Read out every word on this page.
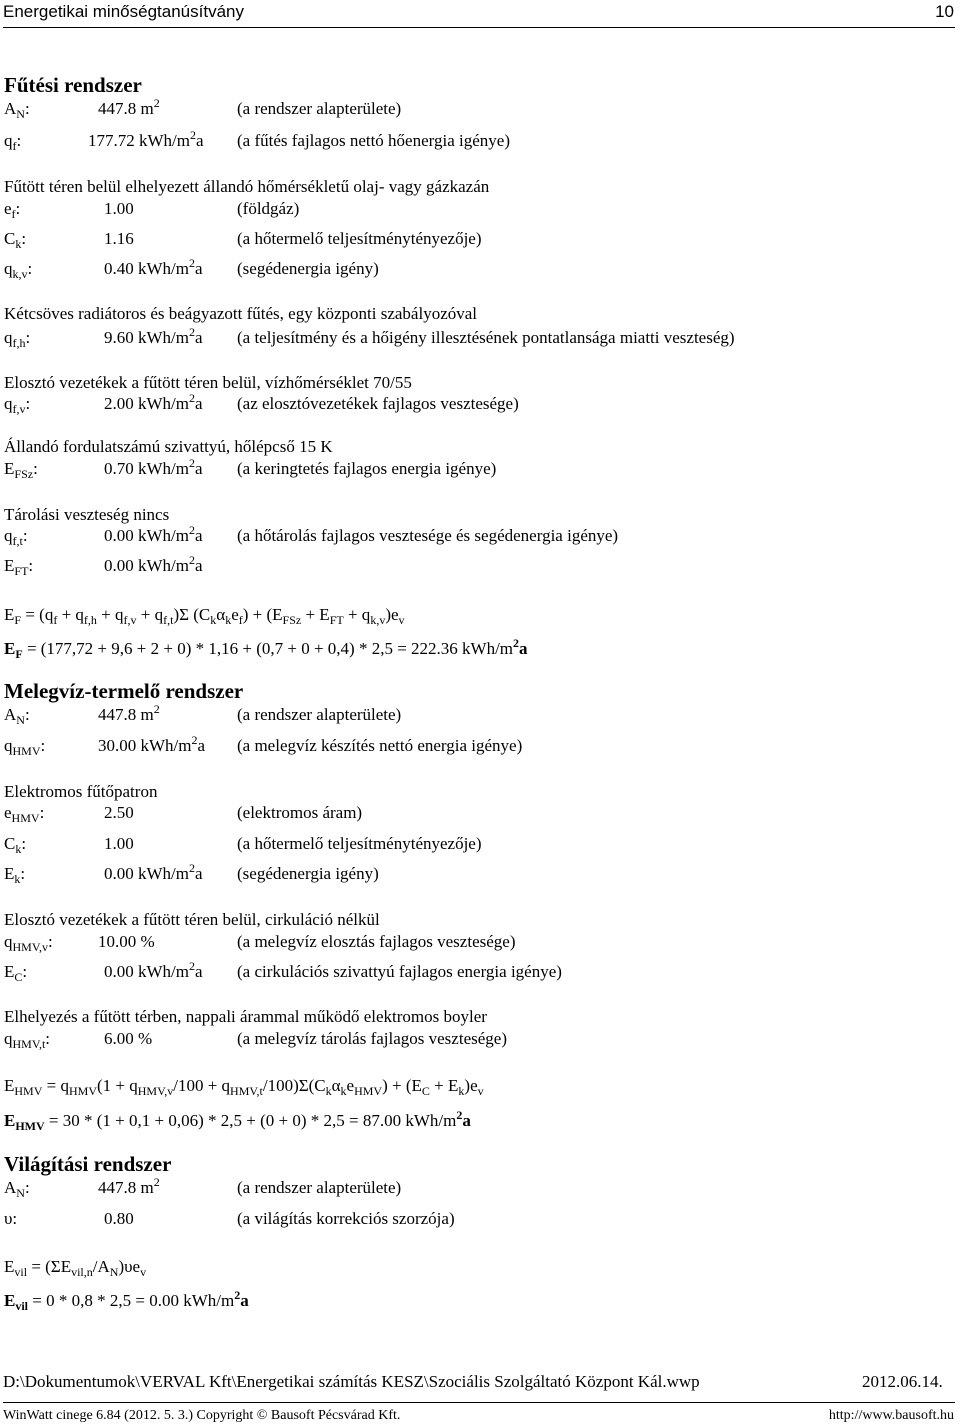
Energetikai minőségtanúsítvány	10
Fűtési rendszer
$A_N$:	447.8 $m^2$	(a rendszer alapterülete)
$q_f$:	177.72 kWh/$m^2a$ (a fűtés fajlagos nettó hőenergia igénye)
Fűtött téren belül elhelyezett állandó hőmérsékletű olaj- vagy gázkazán
$e_f$:	1.00	(földgáz)
$C_k$:	1.16	(a hőtermelő teljesítménytényezője)
$q_{k,v}$:	0.40 kWh/$m^2a$ (segédenergia igény)
Kétcsöves radiátoros és beágyazott fűtés, egy központi szabályozóval
$q_{f,h}$:	9.60 kWh/$m^2a$ (a teljesítmény és a hőigény illesztésének pontatlansága miatti veszteség)
Elosztó vezetékek a fűtött téren belül, vízhőmérséklet 70/55
$q_{f,v}$:	2.00 kWh/$m^2a$ (az elosztóvezetékek fajlagos vesztesége)
Állandó fordulatszámú szivattyú, hőlépcső 15 K
$E_{FSz}$:	0.70 kWh/$m^2a$ (a keringtetés fajlagos energia igénye)
Tárolási veszteség nincs
$q_{f,t}$:	0.00 kWh/$m^2a$ (a hőtárolás fajlagos vesztesége és segédenergia igénye)
$E_{FT}$:	0.00 kWh/$m^2a$
$E_F = (q_f + q_{f,h} + q_{f,v} + q_{f,t})\Sigma$ $(C_k\alpha_ke_f) + (E_{FSz} + E_{FT} + q_{k,v})e_v$
$E_F = (177,72 + 9,6 + 2 + 0) * 1,16 + (0,7 + 0 + 0,4) * 2,5 = 222.36$ kWh/$m^2a$
Melegvíz-termelő rendszer
$A_N$:	447.8 $m^2$	(a rendszer alapterülete)
$q_{HMV}$:	30.00 kWh/$m^2a$ (a melegvíz készítés nettó energia igénye)
Elektromos fűtőpatron
$e_{HMV}$:	2.50	(elektromos áram)
$C_k$:	1.00	(a hőtermelő teljesítménytényezője)
$E_k$:	0.00 kWh/$m^2a$ (segédenergia igény)
Elosztó vezetékek a fűtött téren belül, cirkuláció nélkül
$q_{HMV,v}$:	10.00 %	(a melegvíz elosztás fajlagos vesztesége)
$E_C$:	0.00 kWh/$m^2a$ (a cirkulációs szivattyú fajlagos energia igénye)
Elhelyezés a fűtött térben, nappali árammal működő elektromos boyler
$q_{HMV,t}$:	6.00 %	(a melegvíz tárolás fajlagos vesztesége)
$E_{HMV} = q_{HMV}(1 + q_{HMV,v}/100 + q_{HMV,t}/100)\Sigma(C_k\alpha_ke_{HMV}) + (E_C + E_k)e_v$
$E_{HMV} = 30 * (1 + 0,1 + 0,06) * 2,5 + (0 + 0) * 2,5 = 87.00$ kWh/$m^2a$
Világítási rendszer
$A_N$:	447.8 $m^2$	(a rendszer alapterülete)
υ:	0.80	(a világítás korrekciós szorzója)
$E_{vil} = (\Sigma E_{vil,n}/A_N)\upsilon e_v$
$E_{vil} = 0 * 0,8 * 2,5 = 0.00$ kWh/$m^2a$
D:\Dokumentumok\VERVAL Kft\Energetikai számítás KESZ\Szociális Szolgáltató Központ Kál.wwp	2012.06.14.
WinWatt cinege 6.84 (2012. 5. 3.) Copyright © Bausoft Pécsvárad Kft.	http://www.bausoft.hu
